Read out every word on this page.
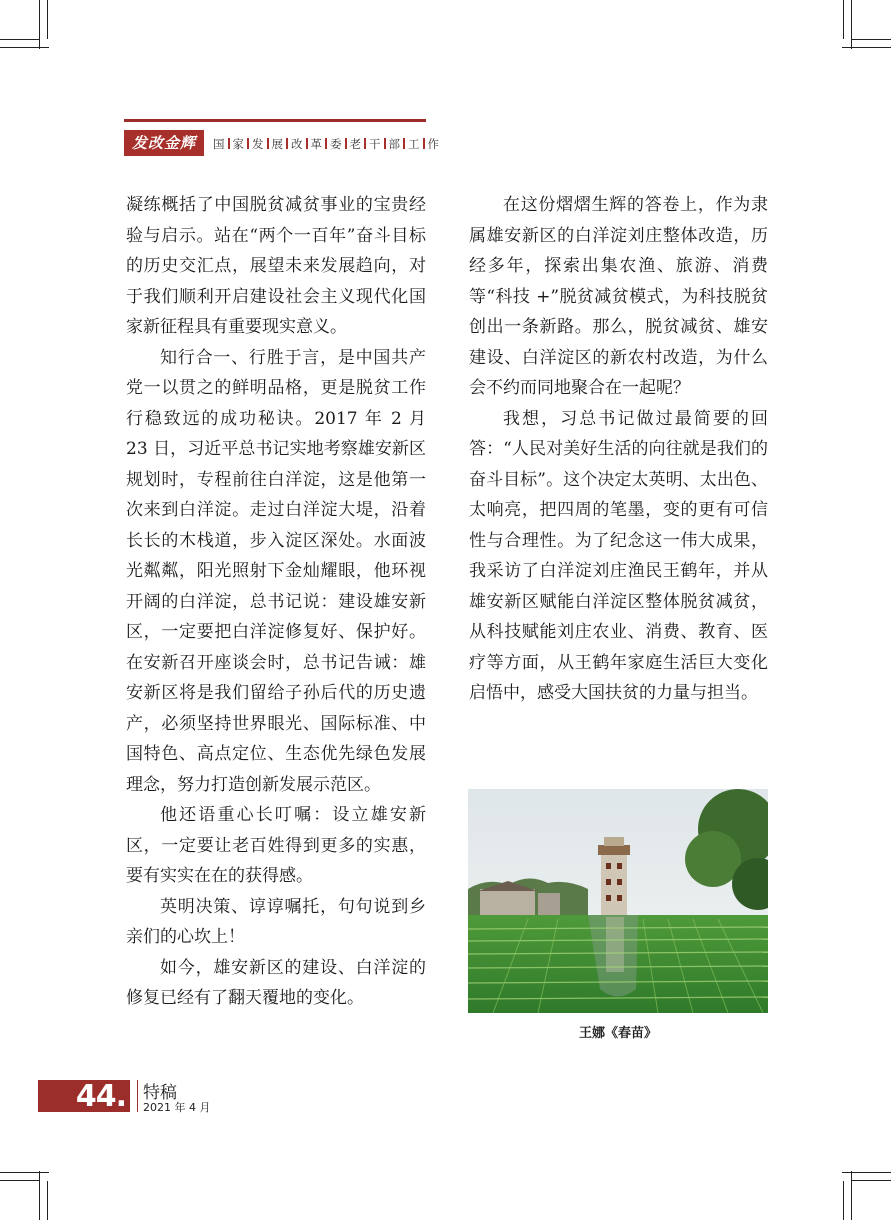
发改金辉	国 家 发 展 改 革 委 老 干 部 工 作

凝练概括了中国脱贫减贫事业的宝贵经验与启示。站在“两个一百年”奋斗目标的历史交汇点，展望未来发展趋向，对于我们顺利开启建设社会主义现代化国家新征程具有重要现实意义。

知行合一、行胜于言，是中国共产党一以贯之的鲜明品格，更是脱贫工作行稳致远的成功秘诀。2017 年 2 月 23 日，习近平总书记实地考察雄安新区规划时，专程前往白洋淀，这是他第一次来到白洋淀。走过白洋淀大堤，沿着长长的木栈道，步入淀区深处。水面波光粼粼，阳光照射下金灿耀眼，他环视开阔的白洋淀，总书记说：建设雄安新区，一定要把白洋淀修复好、保护好。在安新召开座谈会时，总书记告诫：雄安新区将是我们留给子孙后代的历史遗产，必须坚持世界眼光、国际标准、中国特色、高点定位、生态优先绿色发展理念，努力打造创新发展示范区。

他还语重心长叮嘱：设立雄安新区，一定要让老百姓得到更多的实惠，要有实实在在的获得感。

英明决策、谆谆嘱托，句句说到乡亲们的心坎上！

如今，雄安新区的建设、白洋淀的修复已经有了翻天覆地的变化。

在这份熠熠生辉的答卷上，作为隶属雄安新区的白洋淀刘庄整体改造，历经多年，探索出集农渔、旅游、消费等“科技 +”脱贫减贫模式，为科技脱贫创出一条新路。那么，脱贫减贫、雄安建设、白洋淀区的新农村改造，为什么会不约而同地聚合在一起呢？

我想，习总书记做过最简要的回答：“人民对美好生活的向往就是我们的奋斗目标”。这个决定太英明、太出色、太响亮，把四周的笔墨，变的更有可信性与合理性。为了纪念这一伟大成果，我采访了白洋淀刘庄渔民王鹤年，并从雄安新区赋能白洋淀区整体脱贫减贫，从科技赋能刘庄农业、消费、教育、医疗等方面，从王鹤年家庭生活巨大变化启悟中，感受大国扶贫的力量与担当。

王娜《春苗》
44. 特稿
2021 年 4 月
